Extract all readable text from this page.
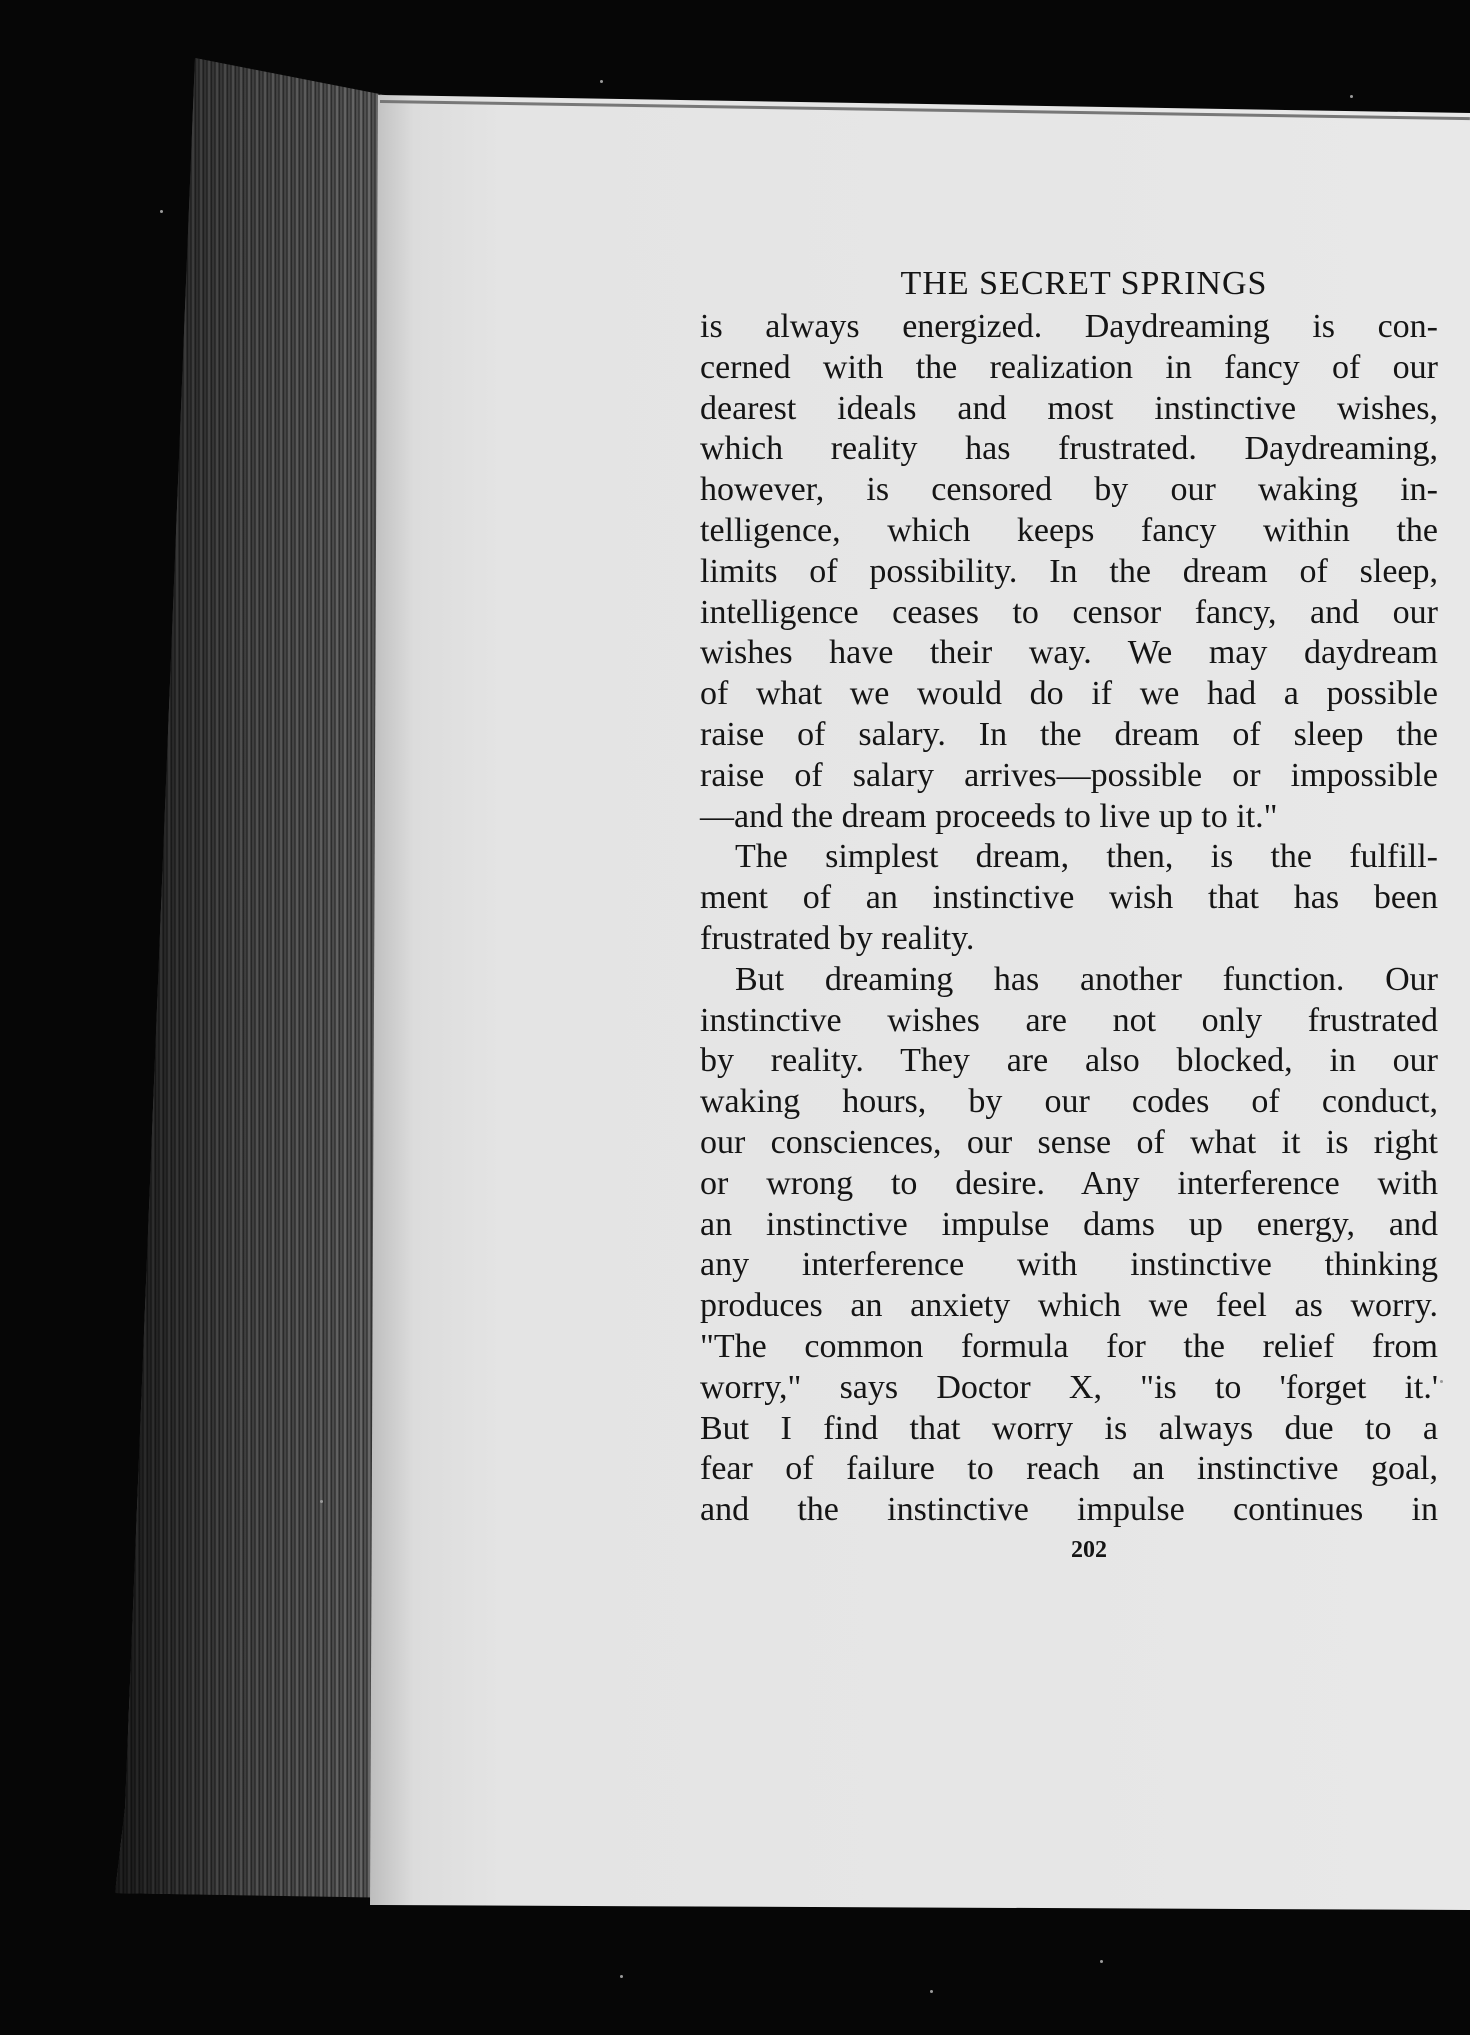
THE SECRET SPRINGS
is always energized. Daydreaming is con-
cerned with the realization in fancy of our
dearest ideals and most instinctive wishes,
which reality has frustrated. Daydreaming,
however, is censored by our waking in-
telligence, which keeps fancy within the
limits of possibility. In the dream of sleep,
intelligence ceases to censor fancy, and our
wishes have their way. We may daydream
of what we would do if we had a possible
raise of salary. In the dream of sleep the
raise of salary arrives—possible or impossible
—and the dream proceeds to live up to it."
The simplest dream, then, is the fulfill-
ment of an instinctive wish that has been
frustrated by reality.
But dreaming has another function. Our
instinctive wishes are not only frustrated
by reality. They are also blocked, in our
waking hours, by our codes of conduct,
our consciences, our sense of what it is right
or wrong to desire. Any interference with
an instinctive impulse dams up energy, and
any interference with instinctive thinking
produces an anxiety which we feel as worry.
"The common formula for the relief from
worry," says Doctor X, "is to 'forget it.'
But I find that worry is always due to a
fear of failure to reach an instinctive goal,
and the instinctive impulse continues in
202
